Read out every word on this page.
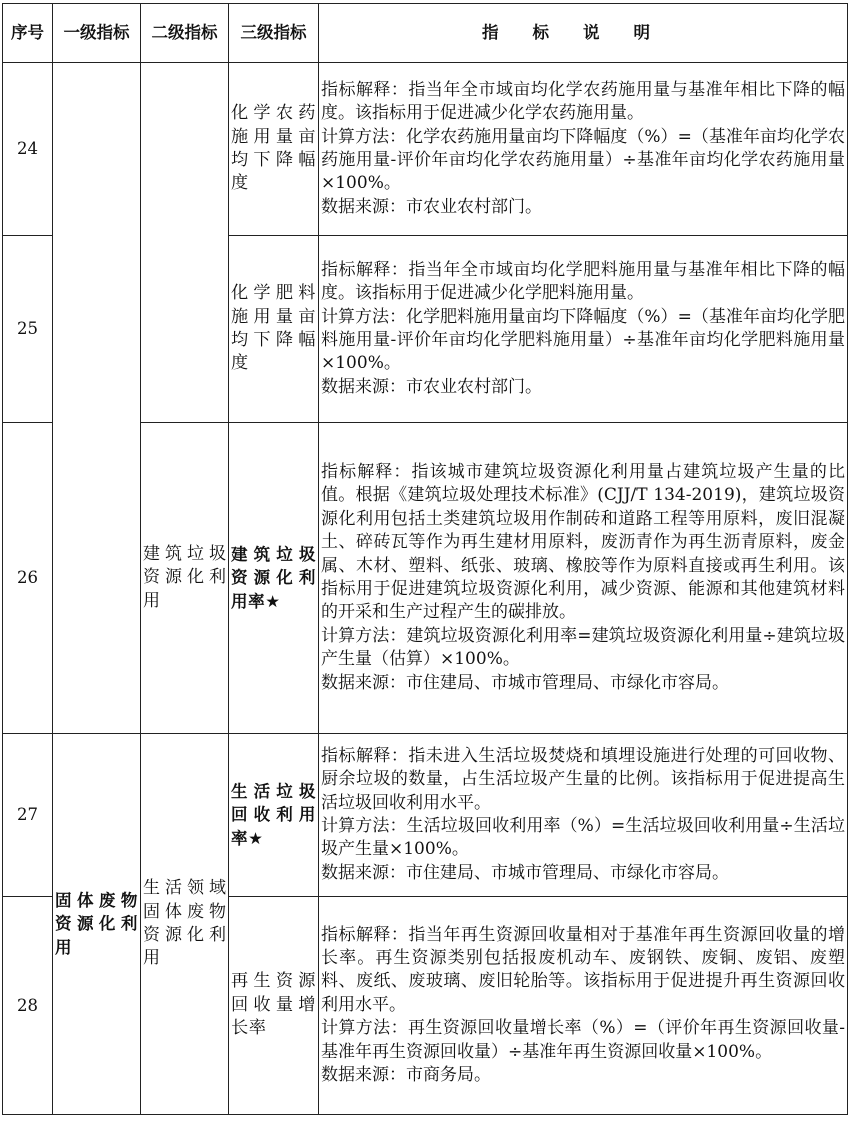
序号	一级指标	二级指标	三级指标	指标说明
24			化学农药施用量亩均下降幅度	指标解释：指当年全市域亩均化学农药施用量与基准年相比下降的幅度。该指标用于促进减少化学农药施用量。

计算方法：化学农药施用量亩均下降幅度（%）=（基准年亩均化学农药施用量-评价年亩均化学农药施用量）÷基准年亩均化学农药施用量×100%。

数据来源：市农业农村部门。

25			化学肥料施用量亩均下降幅度	指标解释：指当年全市域亩均化学肥料施用量与基准年相比下降的幅度。该指标用于促进减少化学肥料施用量。

计算方法：化学肥料施用量亩均下降幅度（%）=（基准年亩均化学肥料施用量-评价年亩均化学肥料施用量）÷基准年亩均化学肥料施用量×100%。

数据来源：市农业农村部门。

26		建筑垃圾资源化利用	建筑垃圾资源化利用率★	指标解释：指该城市建筑垃圾资源化利用量占建筑垃圾产生量的比值。根据《建筑垃圾处理技术标准》(CJJ/T 134-2019)，建筑垃圾资源化利用包括土类建筑垃圾用作制砖和道路工程等用原料，废旧混凝土、碎砖瓦等作为再生建材用原料，废沥青作为再生沥青原料，废金属、木材、塑料、纸张、玻璃、橡胶等作为原料直接或再生利用。该指标用于促进建筑垃圾资源化利用，减少资源、能源和其他建筑材料的开采和生产过程产生的碳排放。

计算方法：建筑垃圾资源化利用率=建筑垃圾资源化利用量÷建筑垃圾产生量（估算）×100%。

数据来源：市住建局、市城市管理局、市绿化市容局。

27	固体废物资源化利用	生活领域固体废物资源化利用	生活垃圾回收利用率★	指标解释：指未进入生活垃圾焚烧和填埋设施进行处理的可回收物、厨余垃圾的数量，占生活垃圾产生量的比例。该指标用于促进提高生活垃圾回收利用水平。

计算方法：生活垃圾回收利用率（%）=生活垃圾回收利用量÷生活垃圾产生量×100%。

数据来源：市住建局、市城市管理局、市绿化市容局。

28			再生资源回收量增长率	指标解释：指当年再生资源回收量相对于基准年再生资源回收量的增长率。再生资源类别包括报废机动车、废钢铁、废铜、废铝、废塑料、废纸、废玻璃、废旧轮胎等。该指标用于促进提升再生资源回收利用水平。

计算方法：再生资源回收量增长率（%）=（评价年再生资源回收量-基准年再生资源回收量）÷基准年再生资源回收量×100%。

数据来源：市商务局。
